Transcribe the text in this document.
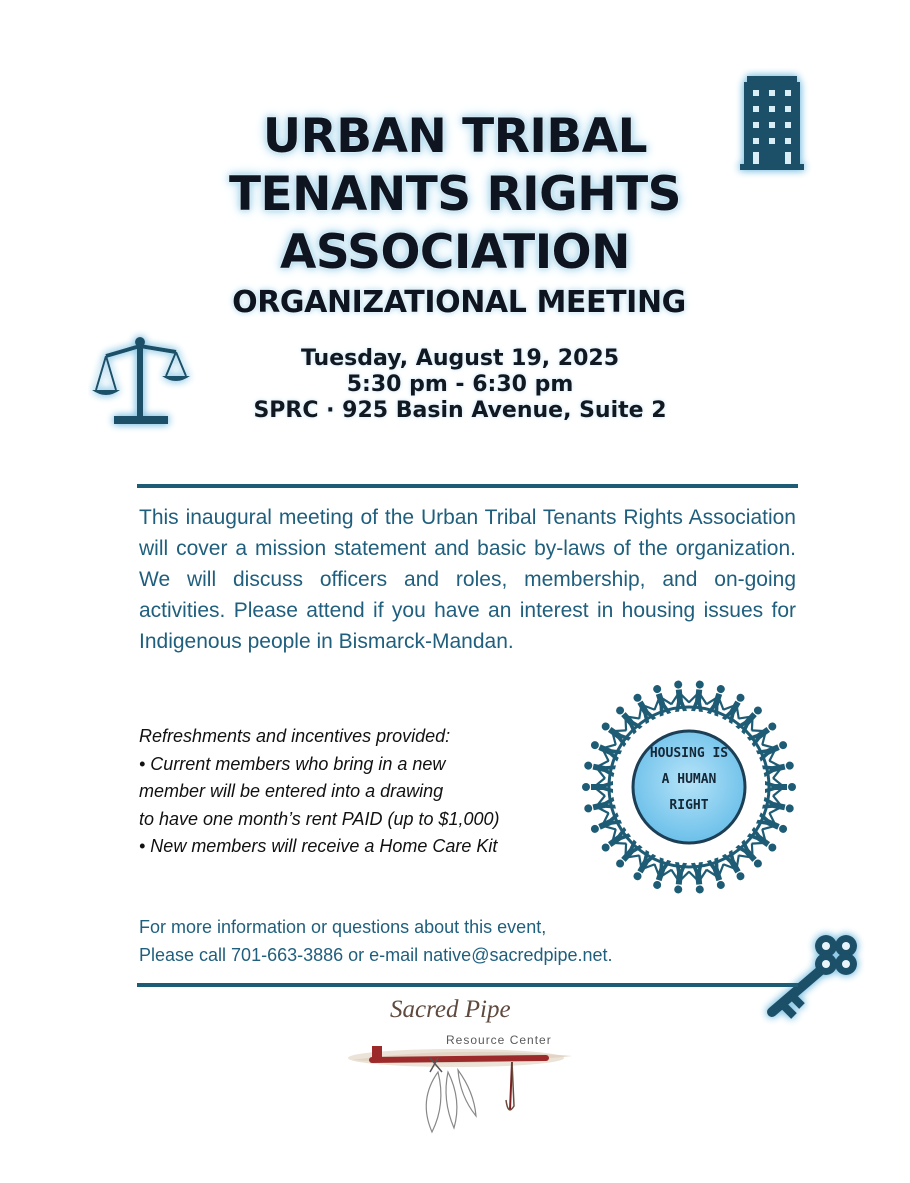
URBAN TRIBAL
TENANTS RIGHTS
ASSOCIATION
ORGANIZATIONAL MEETING
Tuesday, August 19, 2025
5:30 pm - 6:30 pm
SPRC · 925 Basin Avenue, Suite 2

This inaugural meeting of the Urban Tribal Tenants Rights Association will cover a mission statement and basic by-laws of the organization. We will discuss officers and roles, membership, and on-going activities. Please attend if you have an interest in housing issues for Indigenous people in Bismarck-Mandan.

Refreshments and incentives provided:
• Current members who bring in a new
member will be entered into a drawing
to have one month’s rent PAID (up to $1,000)
• New members will receive a Home Care Kit
HOUSING IS
A HUMAN
RIGHT
For more information or questions about this event,
Please call 701-663-3886 or e-mail native@sacredpipe.net.
Sacred Pipe
Resource Center
